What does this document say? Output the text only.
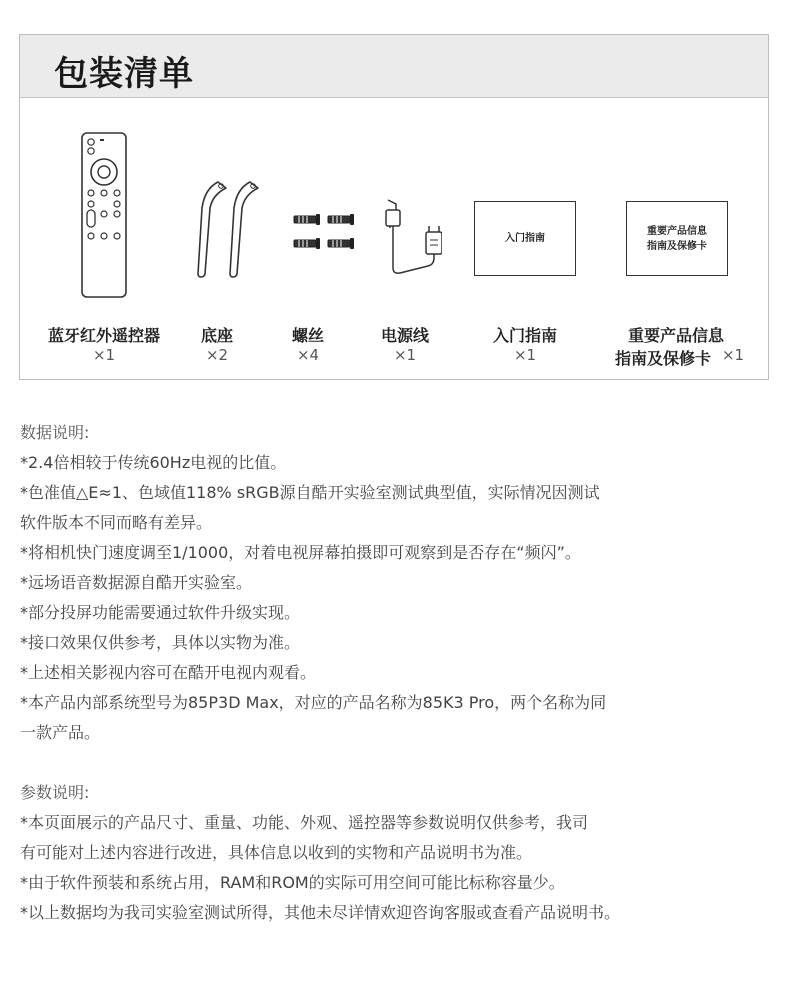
包装清单
入门指南
重要产品信息
指南及保修卡
蓝牙红外遥控器
×1
底座
×2
螺丝
×4
电源线
×1
入门指南
×1
重要产品信息
指南及保修卡 ×1

数据说明:

*2.4倍相较于传统60Hz电视的比值。

*色准值△E≈1、色域值118% sRGB源自酷开实验室测试典型值，实际情况因测试

软件版本不同而略有差异。

*将相机快门速度调至1/1000，对着电视屏幕拍摄即可观察到是否存在“频闪”。

*远场语音数据源自酷开实验室。

*部分投屏功能需要通过软件升级实现。

*接口效果仅供参考，具体以实物为准。

*上述相关影视内容可在酷开电视内观看。

*本产品内部系统型号为85P3D Max，对应的产品名称为85K3 Pro，两个名称为同

一款产品。

参数说明:

*本页面展示的产品尺寸、重量、功能、外观、遥控器等参数说明仅供参考，我司

有可能对上述内容进行改进，具体信息以收到的实物和产品说明书为准。

*由于软件预装和系统占用，RAM和ROM的实际可用空间可能比标称容量少。

*以上数据均为我司实验室测试所得，其他未尽详情欢迎咨询客服或查看产品说明书。
